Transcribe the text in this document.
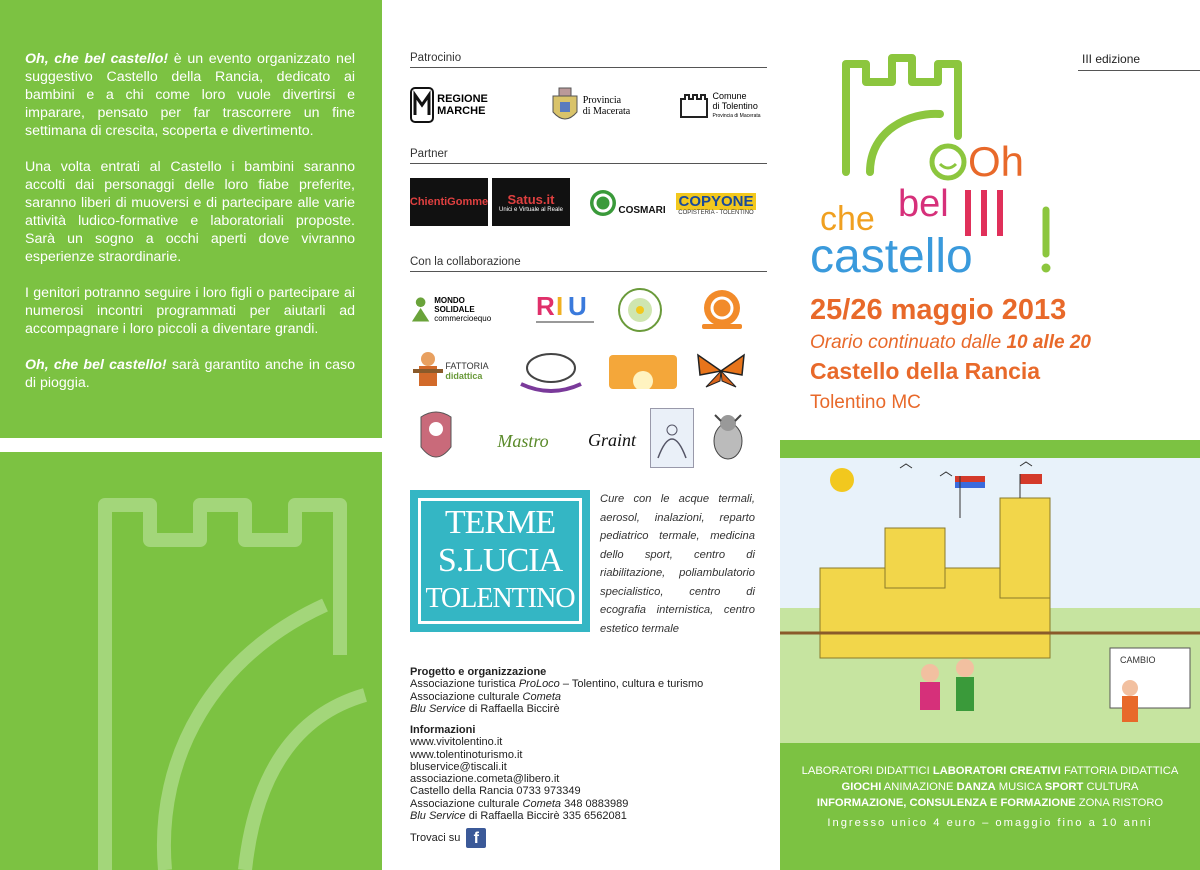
Oh, che bel castello! è un evento organizzato nel suggestivo Castello della Rancia, dedicato ai bambini e a chi come loro vuole divertirsi e imparare, pensato per far trascorrere un fine settimana di crescita, scoperta e divertimento.

Una volta entrati al Castello i bambini saranno accolti dai personaggi delle loro fiabe preferite, saranno liberi di muoversi e di partecipare alle varie attività ludico-formative e laboratoriali proposte. Sarà un sogno a occhi aperti dove vivranno esperienze straordinarie.

I genitori potranno seguire i loro figli o partecipare ai numerosi incontri programmati per aiutarli ad accompagnare i loro piccoli a diventare grandi.

Oh, che bel castello! sarà garantito anche in caso di pioggia.

Patrocinio
REGIONE
MARCHE
Provincia
di Macerata
Comune
di Tolentino
Provincia di Macerata
Partner
ChientiGomme Satus.it
Unici e Virtuale al Reale	COSMARI
COPYONE
COPISTERIA - TOLENTINO
Con la collaborazione
MONDO SOLIDALE
commercioequo	R I U
FATTORIA
didattica
Mastro Graint
TERME
S.LUCIA
TOLENTINO
Cure con le acque termali, aerosol, inalazioni, reparto pediatrico termale, medicina dello sport, centro di riabilitazione, poliambulatorio specialistico, centro di ecografia internistica, centro estetico termale
Progetto e organizzazione
Associazione turistica ProLoco – Tolentino, cultura e turismo
Associazione culturale Cometa
Blu Service di Raffaella Biccirè
Informazioni
www.vivitolentino.it
www.tolentinoturismo.it
bluservice@tiscali.it
associazione.cometa@libero.it
Castello della Rancia 0733 973349
Associazione culturale Cometa 348 0883989
Blu Service di Raffaella Biccirè 335 6562081
Trovaci su f
III edizione
Oh
che bel
castello
25/26 maggio 2013
Orario continuato dalle 10 alle 20
Castello della Rancia
Tolentino MC
CAMBIO
LABORATORI DIDATTICI LABORATORI CREATIVI FATTORIA DIDATTICA
GIOCHI ANIMAZIONE DANZA MUSICA SPORT CULTURA
INFORMAZIONE, CONSULENZA E FORMAZIONE ZONA RISTORO
Ingresso unico 4 euro – omaggio fino a 10 anni
